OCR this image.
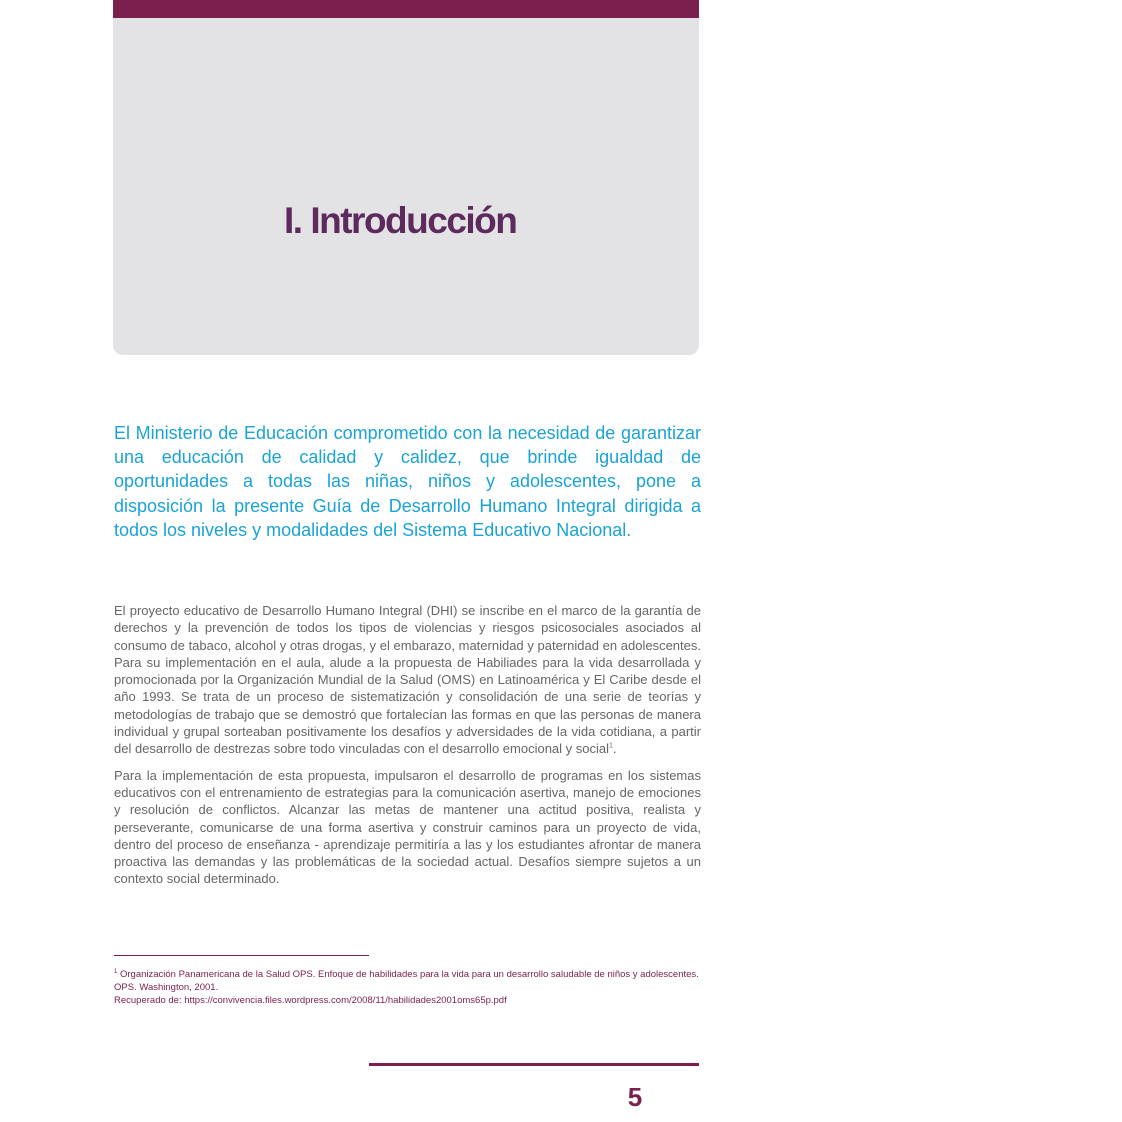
I. Introducción

El Ministerio de Educación comprometido con la necesidad de garantizar una educación de calidad y calidez, que brinde igualdad de oportunidades a todas las niñas, niños y adolescentes, pone a disposición la presente Guía de Desarrollo Humano Integral dirigida a todos los niveles y modalidades del Sistema Educativo Nacional.

El proyecto educativo de Desarrollo Humano Integral (DHI) se inscribe en el marco de la garantía de derechos y la prevención de todos los tipos de violencias y riesgos psicosociales asociados al consumo de tabaco, alcohol y otras drogas, y el embarazo, maternidad y paternidad en adolescentes. Para su implementación en el aula, alude a la propuesta de Habiliades para la vida desarrollada y promocionada por la Organización Mundial de la Salud (OMS) en Latinoamérica y El Caribe desde el año 1993. Se trata de un proceso de sistematización y consolidación de una serie de teorías y metodologías de trabajo que se demostró que fortalecían las formas en que las personas de manera individual y grupal sorteaban positivamente los desafíos y adversidades de la vida cotidiana, a partir del desarrollo de destrezas sobre todo vinculadas con el desarrollo emocional y social$^1$.

Para la implementación de esta propuesta, impulsaron el desarrollo de programas en los sistemas educativos con el entrenamiento de estrategias para la comunicación asertiva, manejo de emociones y resolución de conflictos. Alcanzar las metas de mantener una actitud positiva, realista y perseverante, comunicarse de una forma asertiva y construir caminos para un proyecto de vida, dentro del proceso de enseñanza - aprendizaje permitiría a las y los estudiantes afrontar de manera proactiva las demandas y las problemáticas de la sociedad actual. Desafíos siempre sujetos a un contexto social determinado.

$^1$ Organización Panamericana de la Salud OPS. Enfoque de habilidades para la vida para un desarrollo saludable de niños y adolescentes. OPS. Washington, 2001.

Recuperado de: https://convivencia.files.wordpress.com/2008/11/habilidades2001oms65p.pdf

5
